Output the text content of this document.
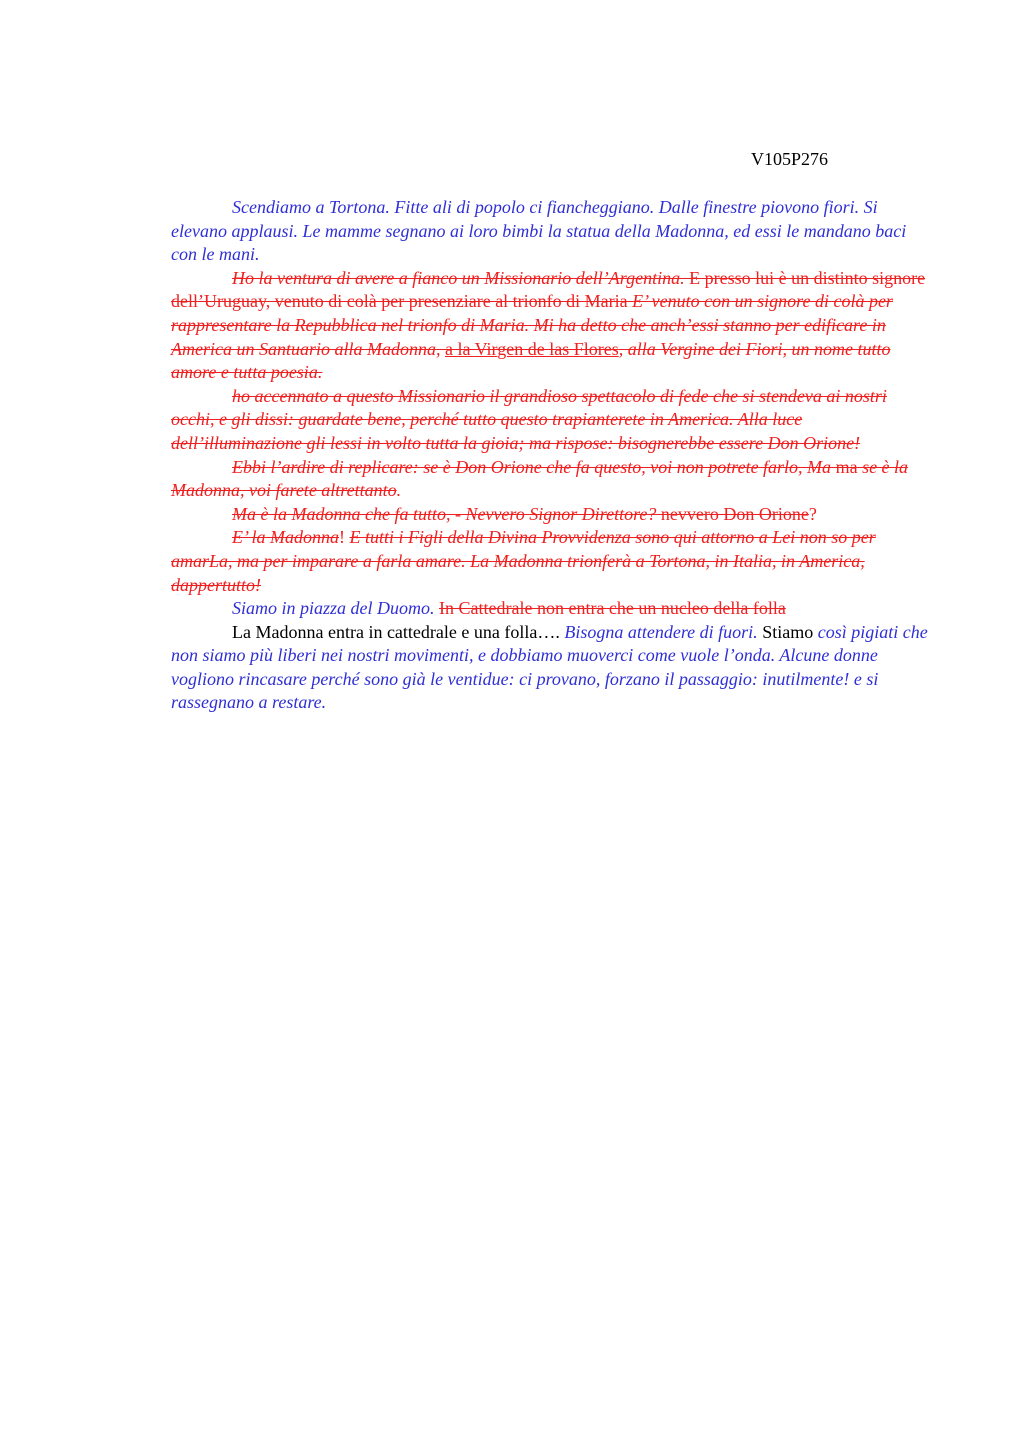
V105P276

Scendiamo a Tortona. Fitte ali di popolo ci fiancheggiano. Dalle finestre piovono fiori. Si elevano applausi. Le mamme segnano ai loro bimbi la statua della Madonna, ed essi le mandano baci con le mani.

Ho la ventura di avere a fianco un Missionario dell’Argentina. E presso lui è un distinto signore dell’Uruguay, venuto di colà per presenziare al trionfo di Maria E’ venuto con un signore di colà per rappresentare la Repubblica nel trionfo di Maria. Mi ha detto che anch’essi stanno per edificare in America un Santuario alla Madonna, a la Virgen de las Flores, alla Vergine dei Fiori, un nome tutto amore e tutta poesia.

ho accennato a questo Missionario il grandioso spettacolo di fede che si stendeva ai nostri occhi, e gli dissi: guardate bene, perché tutto questo trapianterete in America. Alla luce dell’illuminazione gli lessi in volto tutta la gioia; ma rispose: bisognerebbe essere Don Orione!

Ebbi l’ardire di replicare: se è Don Orione che fa questo, voi non potrete farlo, Ma ma se è la Madonna, voi farete altrettanto.

Ma è la Madonna che fa tutto, - Nevvero Signor Direttore? nevvero Don Orione?

E’ la Madonna! E tutti i Figli della Divina Provvidenza sono qui attorno a Lei non so per amarLa, ma per imparare a farla amare. La Madonna trionferà a Tortona, in Italia, in America, dappertutto!

Siamo in piazza del Duomo. In Cattedrale non entra che un nucleo della folla

La Madonna entra in cattedrale e una folla…. Bisogna attendere di fuori. Stiamo così pigiati che non siamo più liberi nei nostri movimenti, e dobbiamo muoverci come vuole l’onda. Alcune donne vogliono rincasare perché sono già le ventidue: ci provano, forzano il passaggio: inutilmente! e si rassegnano a restare.
